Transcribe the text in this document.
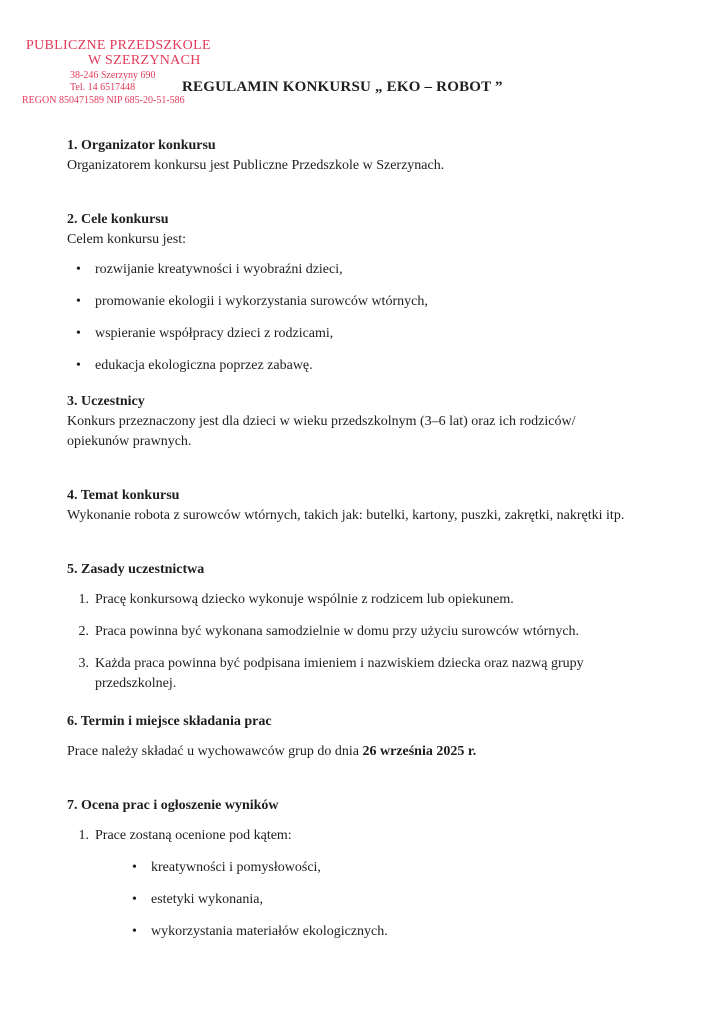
PUBLICZNE PRZEDSZKOLE
W SZERZYNACH
38-246 Szerzyny 690
Tel. 14 6517448
REGON 850471589 NIP 685-20-51-586
REGULAMIN KONKURSU „ EKO – ROBOT ”
1. Organizator konkursu

Organizatorem konkursu jest Publiczne Przedszkole w Szerzynach.

2. Cele konkursu

Celem konkursu jest:

• rozwijanie kreatywności i wyobraźni dzieci,
• promowanie ekologii i wykorzystania surowców wtórnych,
• wspieranie współpracy dzieci z rodzicami,
• edukacja ekologiczna poprzez zabawę.
3. Uczestnicy

Konkurs przeznaczony jest dla dzieci w wieku przedszkolnym (3–6 lat) oraz ich rodziców/

opiekunów prawnych.

4. Temat konkursu

Wykonanie robota z surowców wtórnych, takich jak: butelki, kartony, puszki, zakrętki, nakrętki itp.

5. Zasady uczestnictwa
1. Pracę konkursową dziecko wykonuje wspólnie z rodzicem lub opiekunem.
2. Praca powinna być wykonana samodzielnie w domu przy użyciu surowców wtórnych.
3. Każda praca powinna być podpisana imieniem i nazwiskiem dziecka oraz nazwą grupy
przedszkolnej.
6. Termin i miejsce składania prac

Prace należy składać u wychowawców grup do dnia 26 września 2025 r.

7. Ocena prac i ogłoszenie wyników
1. Prace zostaną ocenione pod kątem:
• kreatywności i pomysłowości,
• estetyki wykonania,
• wykorzystania materiałów ekologicznych.
